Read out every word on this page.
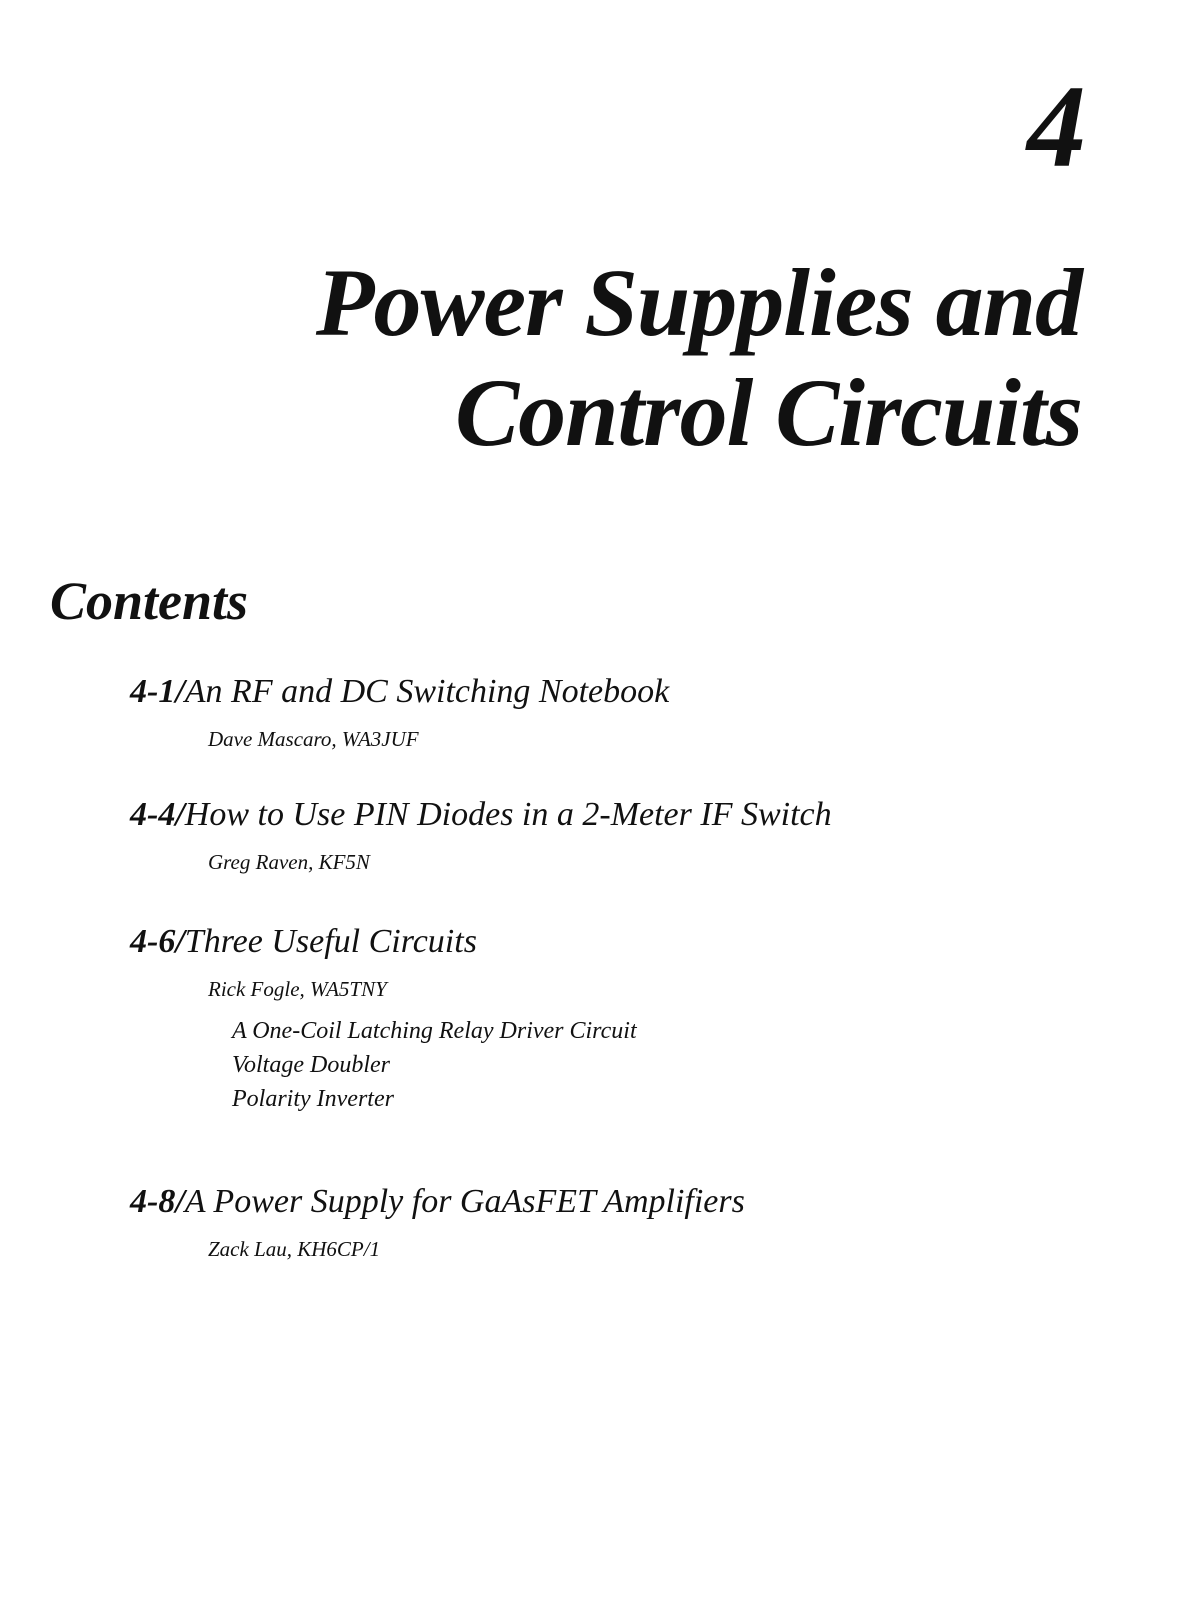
4
Power Supplies and
Control Circuits
Contents
4-1/An RF and DC Switching Notebook
Dave Mascaro, WA3JUF
4-4/How to Use PIN Diodes in a 2-Meter IF Switch
Greg Raven, KF5N
4-6/Three Useful Circuits
Rick Fogle, WA5TNY
A One-Coil Latching Relay Driver Circuit
Voltage Doubler
Polarity Inverter
4-8/A Power Supply for GaAsFET Amplifiers
Zack Lau, KH6CP/1
